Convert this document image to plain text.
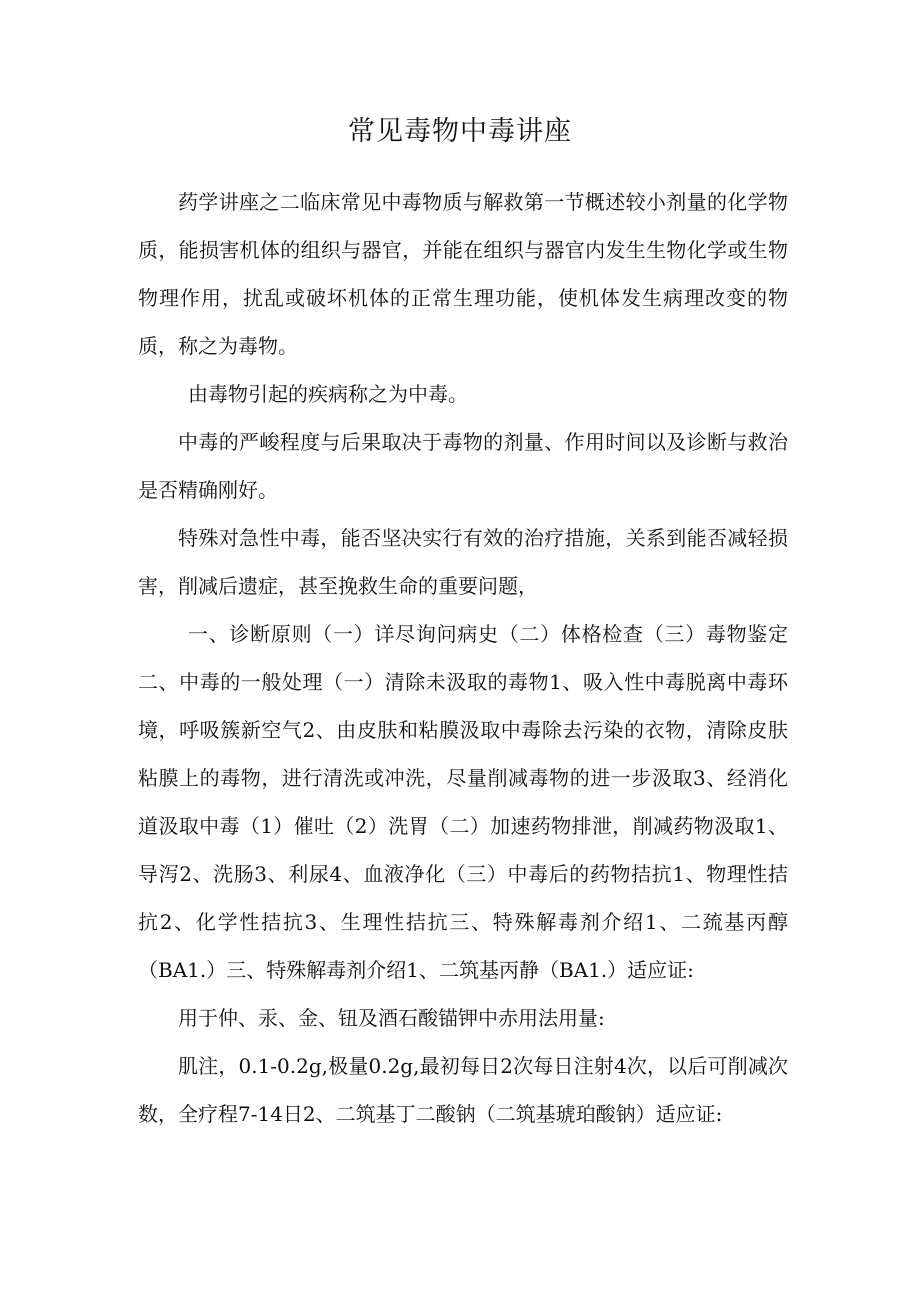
常见毒物中毒讲座

药学讲座之二临床常见中毒物质与解救第一节概述较小剂量的化学物质，能损害机体的组织与器官，并能在组织与器官内发生生物化学或生物物理作用，扰乱或破坏机体的正常生理功能，使机体发生病理改变的物质，称之为毒物。

由毒物引起的疾病称之为中毒。

中毒的严峻程度与后果取决于毒物的剂量、作用时间以及诊断与救治是否精确刚好。

特殊对急性中毒，能否坚决实行有效的治疗措施，关系到能否减轻损害，削减后遗症，甚至挽救生命的重要问题，

一、诊断原则（一）详尽询问病史（二）体格检查（三）毒物鉴定二、中毒的一般处理（一）清除未汲取的毒物1、吸入性中毒脱离中毒环境，呼吸簇新空气2、由皮肤和粘膜汲取中毒除去污染的衣物，清除皮肤粘膜上的毒物，进行清洗或冲洗，尽量削减毒物的进一步汲取3、经消化道汲取中毒（1）催吐（2）洗胃（二）加速药物排泄，削减药物汲取1、导泻2、洗肠3、利尿4、血液净化（三）中毒后的药物拮抗1、物理性拮抗2、化学性拮抗3、生理性拮抗三、特殊解毒剂介绍1、二巯基丙醇（BA1.）三、特殊解毒剂介绍1、二筑基丙静（BA1.）适应证:

用于仲、汞、金、钮及酒石酸锚钾中赤用法用量:

肌注，0.1-0.2g,极量0.2g,最初每日2次每日注射4次，以后可削减次数，全疗程7-14日2、二筑基丁二酸钠（二筑基琥珀酸钠）适应证:
